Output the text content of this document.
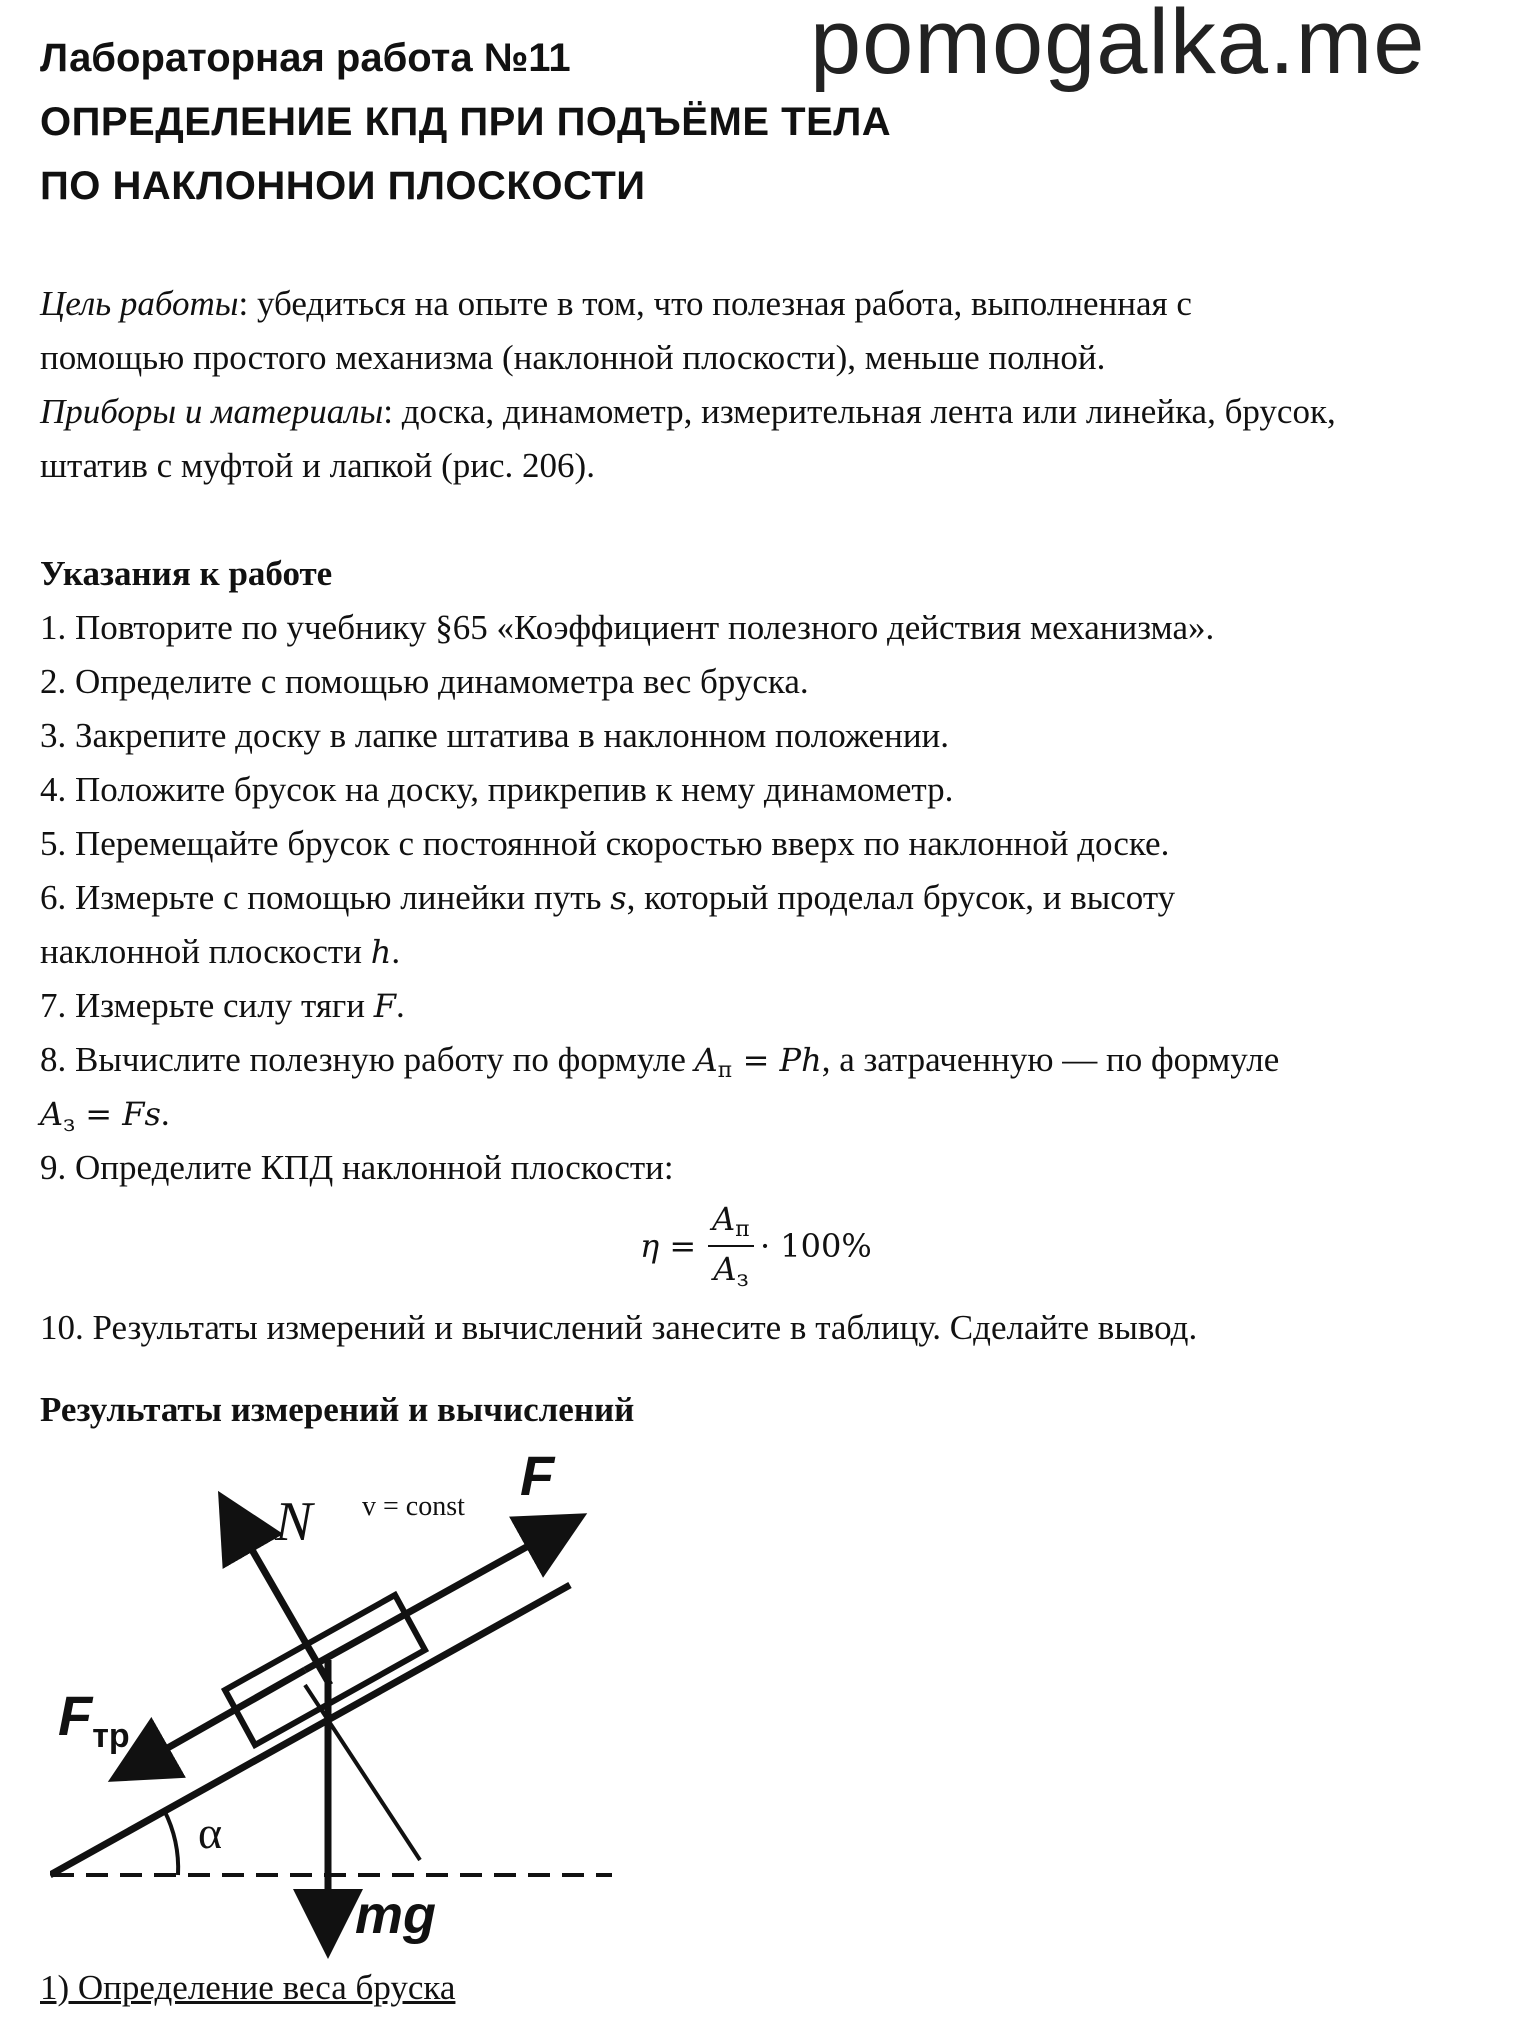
pomogalka.me
Лабораторная работа №11
ОПРЕДЕЛЕНИЕ КПД ПРИ ПОДЪЁМЕ ТЕЛА
ПО НАКЛОННОИ ПЛОСКОСТИ
Цель работы: убедиться на опыте в том, что полезная работа, выполненная с
помощью простого механизма (наклонной плоскости), меньше полной.
Приборы и материалы: доска, динамометр, измерительная лента или линейка, брусок,
штатив с муфтой и лапкой (рис. 206).
Указания к работе
1. Повторите по учебнику §65 «Коэффициент полезного действия механизма».
2. Определите с помощью динамометра вес бруска.
3. Закрепите доску в лапке штатива в наклонном положении.
4. Положите брусок на доску, прикрепив к нему динамометр.
5. Перемещайте брусок с постоянной скоростью вверх по наклонной доске.
6. Измерьте с помощью линейки путь s, который проделал брусок, и высоту
наклонной плоскости h.
7. Измерьте силу тяги F.
8. Вычислите полезную работу по формуле $A_п = Ph$, а затраченную — по формуле
$A_з = Fs$.
9. Определите КПД наклонной плоскости:
$\eta = \frac{A_п}{A_з} \cdot 100\%$
10. Результаты измерений и вычислений занесите в таблицу. Сделайте вывод.
Результаты измерений и вычислений
N v = const F
$F_{тр}$
α
mg
1) Определение веса бруска
